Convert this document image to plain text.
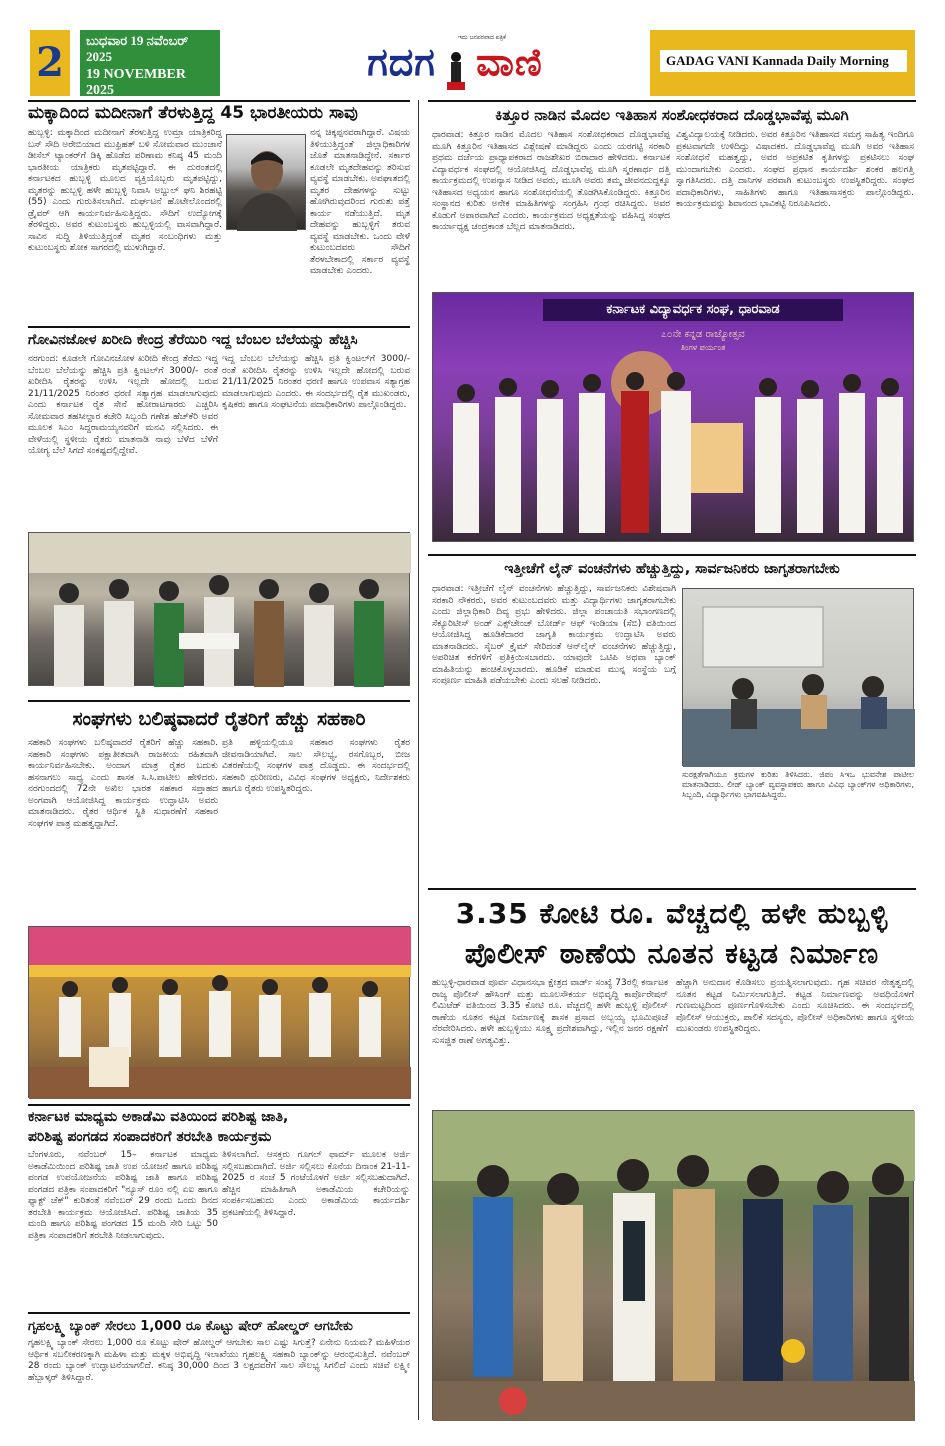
2	ಬುಧವಾರ 19 ನವೆಂಬರ್ 2025
19 NOVEMBER 2025
ಇದು ಜನಪರವಾದ ಪತ್ರಿಕೆ
ಗದಗ ವಾಣಿ	GADAG VANI Kannada Daily Morning
ಮಕ್ಕಾದಿಂದ ಮದೀನಾಗೆ ತೆರಳುತ್ತಿದ್ದ 45 ಭಾರತೀಯರು ಸಾವು
ಹುಬ್ಬಳ್ಳಿ: ಮಕ್ಕಾದಿಂದ ಮದೀನಾಗೆ ತೆರಳುತ್ತಿದ್ದ ಉಮ್ರಾ ಯಾತ್ರಿಕರಿದ್ದ ಬಸ್ ಸೌದಿ ಅರೇಬಿಯಾದ ಮುಫ್ರಿಹತ್ ಬಳಿ ಸೋಮವಾರ ಮುಂಜಾನೆ ಡೀಸೆಲ್ ಟ್ಯಾಂಕರ್‌ಗೆ ಡಿಕ್ಕಿ ಹೊಡೆದ ಪರಿಣಾಮ ಕನಿಷ್ಠ 45 ಮಂದಿ ಭಾರತೀಯ ಯಾತ್ರಿಕರು ಮೃತಪಟ್ಟಿದ್ದಾರೆ. ಈ ದುರಂತದಲ್ಲಿ ಕರ್ನಾಟಕದ ಹುಬ್ಬಳ್ಳಿ ಮೂಲದ ವ್ಯಕ್ತಿಯೊಬ್ಬರು ಮೃತಪಟ್ಟಿದ್ದು, ಮೃತರನ್ನು ಹುಬ್ಬಳ್ಳಿ ಹಳೇ ಹುಬ್ಬಳ್ಳಿ ನಿವಾಸಿ ಅಬ್ದುಲ್ ಘನಿ ಶಿರಹಟ್ಟಿ (55) ಎಂದು ಗುರುತಿಸಲಾಗಿದೆ. ದುರ್ಘಟನೆ ಹೊಟೇಲೊಂದರಲ್ಲಿ ಡ್ರೈವರ್ ಆಗಿ ಕಾರ್ಯನಿರ್ವಹಿಸುತ್ತಿದ್ದರು. ಸೌದಿಗೆ ಉದ್ಯೋಗಕ್ಕೆ ತೆರಳಿದ್ದರು. ಅವರ ಕುಟುಂಬಸ್ಥರು ಹುಬ್ಬಳ್ಳಿಯಲ್ಲಿ ವಾಸವಾಗಿದ್ದಾರೆ. ಸಾವಿನ ಸುದ್ದಿ ತಿಳಿಯುತ್ತಿದ್ದಂತೆ ಮೃತರ ಸಂಬಂಧಿಗಳು ಮತ್ತು ಕುಟುಂಬಸ್ಥರು ಶೋಕ ಸಾಗರದಲ್ಲಿ ಮುಳುಗಿದ್ದಾರೆ.
ನನ್ನ ಚಿಕ್ಕಪ್ಪನವರಾಗಿದ್ದಾರೆ. ವಿಷಯ ತಿಳಿಯುತ್ತಿದ್ದಂತೆ ಜಿಲ್ಲಾಧಿಕಾರಿಗಳ ಜೊತೆ ಮಾತನಾಡಿದ್ದೇನೆ. ಸರ್ಕಾರ ಕೂಡಲೇ ಮೃತದೇಹವನ್ನು ತರಿಸುವ ವ್ಯವಸ್ಥೆ ಮಾಡಬೇಕು. ಅಪಘಾತದಲ್ಲಿ ಮೃತರ ದೇಹಗಳನ್ನು ಸುಟ್ಟು ಹೋಗಿರುವುದರಿಂದ ಗುರುತು ಪತ್ತೆ ಕಾರ್ಯ ನಡೆಯುತ್ತಿದೆ. ಮೃತ ದೇಹವನ್ನು ಹುಬ್ಬಳ್ಳಿಗೆ ತರುವ ವ್ಯವಸ್ಥೆ ಮಾಡಬೇಕು. ಒಂದು ವೇಳೆ ಕುಟುಂಬದವರು ಸೌದಿಗೆ ತೆರಳಬೇಕಾದಲ್ಲಿ ಸರ್ಕಾರ ವ್ಯವಸ್ಥೆ ಮಾಡಬೇಕು ಎಂದರು.
ಗೋವಿನಜೋಳ ಖರೀದಿ ಕೇಂದ್ರ ತೆರೆಯಿರಿ ಇದ್ದ ಬೆಂಬಲ ಬೆಲೆಯನ್ನು ಹೆಚ್ಚಿಸಿ
ನರಗುಂದ: ಕೂಡಲೇ ಗೋವಿನಜೋಳ ಖರೀದಿ ಕೇಂದ್ರ ತೆರೆದು ಇದ್ದ ಬೆಂಬಲ ಬೆಲೆಯನ್ನು ಹೆಚ್ಚಿಸಿ ಪ್ರತಿ ಕ್ವಿಂಟಲ್‌ಗೆ 3000/- ರಂತೆ ಖರೀದಿಸಿ ರೈತರನ್ನು ಉಳಿಸಿ ಇಲ್ಲದೇ ಹೋದಲ್ಲಿ ಬರುವ 21/11/2025 ನಿರಂತರ ಧರಣಿ ಸತ್ಯಾಗ್ರಹ ಮಾಡಲಾಗುವುದು ಎಂದು ಕರ್ನಾಟಕ ರೈತ ಸೇನೆ ಹೋರಾಟಗಾರರು ಎಚ್ಚರಿಸಿ ಸೋಮವಾರ ತಹಸೀಲ್ದಾರ ಕಚೇರಿ ಸಿಬ್ಬಂದಿ ಗಣೇಶ ಹೆಚ್‌ಕೆರಿ ಅವರ ಮೂಲಕ ಸಿಎಂ ಸಿದ್ದರಾಮಯ್ಯನವರಿಗೆ ಮನವಿ ಸಲ್ಲಿಸಿದರು. ಈ ವೇಳೆಯಲ್ಲಿ ಸ್ಥಳೀಯ ರೈತರು ಮಾತನಾಡಿ ನಾವು ಬೆಳೆದ ಬೆಳೆಗೆ ಯೋಗ್ಯ ಬೆಲೆ ಸಿಗದೆ ಸಂಕಷ್ಟದಲ್ಲಿದ್ದೇವೆ.
ಇದ್ದ ಬೆಂಬಲ ಬೆಲೆಯನ್ನು ಹೆಚ್ಚಿಸಿ ಪ್ರತಿ ಕ್ವಿಂಟಲ್‌ಗೆ 3000/- ರಂತೆ ಖರೀದಿಸಿ ರೈತರನ್ನು ಉಳಿಸಿ ಇಲ್ಲದೇ ಹೋದಲ್ಲಿ ಬರುವ 21/11/2025 ನಿರಂತರ ಧರಣಿ ಹಾಗೂ ಉಪವಾಸ ಸತ್ಯಾಗ್ರಹ ಮಾಡಲಾಗುವುದು ಎಂದರು. ಈ ಸಂದರ್ಭದಲ್ಲಿ ರೈತ ಮುಖಂಡರು, ಕೃಷಿಕರು ಹಾಗೂ ಸಂಘಟನೆಯ ಪದಾಧಿಕಾರಿಗಳು ಪಾಲ್ಗೊಂಡಿದ್ದರು.
ಸಂಘಗಳು ಬಲಿಷ್ಠವಾದರೆ ರೈತರಿಗೆ ಹೆಚ್ಚು ಸಹಕಾರಿ
ಸಹಕಾರಿ ಸಂಘಗಳು ಬಲಿಷ್ಠವಾದರೆ ರೈತರಿಗೆ ಹೆಚ್ಚು ಸಹಕಾರಿ. ಸಹಕಾರಿ ಸಂಘಗಳು ಪಕ್ಷಾತೀತವಾಗಿ ರಾಜಕೀಯ ರಹಿತವಾಗಿ ಕಾರ್ಯನಿರ್ವಹಿಸಬೇಕು. ಅಂದಾಗ ಮಾತ್ರ ರೈತರ ಬದುಕು ಹಸನಾಗಲು ಸಾಧ್ಯ ಎಂದು ಶಾಸಕ ಸಿ.ಸಿ.ಪಾಟೀಲ ಹೇಳಿದರು. ನರಗುಂದದಲ್ಲಿ 72ನೇ ಅಖಿಲ ಭಾರತ ಸಹಕಾರ ಸಪ್ತಾಹದ ಅಂಗವಾಗಿ ಆಯೋಜಿಸಿದ್ದ ಕಾರ್ಯಕ್ರಮ ಉದ್ಘಾಟಿಸಿ ಅವರು ಮಾತನಾಡಿದರು. ರೈತರ ಆರ್ಥಿಕ ಸ್ಥಿತಿ ಸುಧಾರಣೆಗೆ ಸಹಕಾರ ಸಂಘಗಳ ಪಾತ್ರ ಮಹತ್ವದ್ದಾಗಿದೆ.
ಪ್ರತಿ ಹಳ್ಳಿಯಲ್ಲಿಯೂ ಸಹಕಾರ ಸಂಘಗಳು ರೈತರ ಜೀವನಾಡಿಯಾಗಿವೆ. ಸಾಲ ಸೌಲಭ್ಯ, ರಸಗೊಬ್ಬರ, ಬೀಜ ವಿತರಣೆಯಲ್ಲಿ ಸಂಘಗಳ ಪಾತ್ರ ದೊಡ್ಡದು. ಈ ಸಂದರ್ಭದಲ್ಲಿ ಸಹಕಾರಿ ಧುರೀಣರು, ವಿವಿಧ ಸಂಘಗಳ ಅಧ್ಯಕ್ಷರು, ನಿರ್ದೇಶಕರು ಹಾಗೂ ರೈತರು ಉಪಸ್ಥಿತರಿದ್ದರು.
ಕರ್ನಾಟಕ ಮಾಧ್ಯಮ ಅಕಾಡೆಮಿ ವತಿಯಿಂದ ಪರಿಶಿಷ್ಟ ಜಾತಿ,
ಪರಿಶಿಷ್ಟ ಪಂಗಡದ ಸಂಪಾದಕರಿಗೆ ತರಬೇತಿ ಕಾರ್ಯಕ್ರಮ
ಬೆಂಗಳೂರು, ನವೆಂಬರ್ 15– ಕರ್ನಾಟಕ ಮಾಧ್ಯಮ ಅಕಾಡೆಮಿಯಿಂದ ಪರಿಶಿಷ್ಟ ಜಾತಿ ಉಪ ಯೋಜನೆ ಹಾಗೂ ಪರಿಶಿಷ್ಟ ಪಂಗಡ ಉಪಯೋಜನೆಯ ಪರಿಶಿಷ್ಟ ಜಾತಿ ಹಾಗೂ ಪರಿಶಿಷ್ಟ ಪಂಗಡದ ಪತ್ರಿಕಾ ಸಂಪಾದಕರಿಗೆ "ನ್ಯೂಸ್ ರೂಂ ನಲ್ಲಿ ಏಐ ಹಾಗೂ ಫ್ಯಾಕ್ಟ್ ಚೆಕ್" ಕುರಿತಂತೆ ನವೆಂಬರ್ 29 ರಂದು ಒಂದು ದಿನದ ತರಬೇತಿ ಕಾರ್ಯಕ್ರಮ ಆಯೋಜಿಸಿದೆ. ಪರಿಶಿಷ್ಟ ಜಾತಿಯ 35 ಮಂದಿ ಹಾಗೂ ಪರಿಶಿಷ್ಟ ಪಂಗಡದ 15 ಮಂದಿ ಸೇರಿ ಒಟ್ಟು 50 ಪತ್ರಿಕಾ ಸಂಪಾದಕರಿಗೆ ತರಬೇತಿ ನೀಡಲಾಗುವುದು.
ತಿಳಿಸಲಾಗಿದೆ. ಆಸಕ್ತರು ಗೂಗಲ್ ಫಾರ್ಮ್ ಮೂಲಕ ಅರ್ಜಿ ಸಲ್ಲಿಸಬಹುದಾಗಿದೆ. ಅರ್ಜಿ ಸಲ್ಲಿಸಲು ಕೊನೆಯ ದಿನಾಂಕ 21-11-2025 ರ ಸಂಜೆ 5 ಗಂಟೆಯೊಳಗೆ ಅರ್ಜಿ ಸಲ್ಲಿಸಬಹುದಾಗಿದೆ. ಹೆಚ್ಚಿನ ಮಾಹಿತಿಗಾಗಿ ಅಕಾಡೆಮಿಯ ಕಚೇರಿಯನ್ನು ಸಂಪರ್ಕಿಸಬಹುದು ಎಂದು ಅಕಾಡೆಮಿಯ ಕಾರ್ಯದರ್ಶಿ ಪ್ರಕಟಣೆಯಲ್ಲಿ ತಿಳಿಸಿದ್ದಾರೆ.
ಗೃಹಲಕ್ಷ್ಮಿ ಬ್ಯಾಂಕ್ ಸೇರಲು 1,000 ರೂ ಕೊಟ್ಟು ಷೇರ್ ಹೋಲ್ಡರ್ ಆಗಬೇಕು
ಗೃಹಲಕ್ಷ್ಮಿ ಬ್ಯಾಂಕ್ ಸೇರಲು 1,000 ರೂ ಕೊಟ್ಟು ಷೇರ್ ಹೋಲ್ಡರ್ ಆಗಬೇಕು ಸಾಲ ಎಷ್ಟು ಸಿಗುತ್ತೆ? ಏನೇನು ನಿಯಮ? ಮಹಿಳೆಯರ ಆರ್ಥಿಕ ಸಬಲೀಕರಣಕ್ಕಾಗಿ ಮಹಿಳಾ ಮತ್ತು ಮಕ್ಕಳ ಅಭಿವೃದ್ಧಿ ಇಲಾಖೆಯು ಗೃಹಲಕ್ಷ್ಮಿ ಸಹಕಾರಿ ಬ್ಯಾಂಕ್‌ನ್ನು ಆರಂಭಿಸುತ್ತಿದೆ. ನವೆಂಬರ್ 28 ರಂದು ಬ್ಯಾಂಕ್ ಉದ್ಘಾಟನೆಯಾಗಲಿದೆ. ಕನಿಷ್ಠ 30,000 ದಿಂದ 3 ಲಕ್ಷದವರೆಗೆ ಸಾಲ ಸೌಲಭ್ಯ ಸಿಗಲಿದೆ ಎಂದು ಸಚಿವೆ ಲಕ್ಷ್ಮೀ ಹೆಬ್ಬಾಳ್ಕರ್ ತಿಳಿಸಿದ್ದಾರೆ.
ಕಿತ್ತೂರ ನಾಡಿನ ಮೊದಲ ಇತಿಹಾಸ ಸಂಶೋಧಕರಾದ ದೊಡ್ಡಭಾವೆಪ್ಪ ಮೂಗಿ
ಧಾರವಾಡ: ಕಿತ್ತೂರ ನಾಡಿನ ಮೊದಲ ಇತಿಹಾಸ ಸಂಶೋಧಕರಾದ ದೊಡ್ಡಭಾವೆಪ್ಪ ಮೂಗಿ ಕಿತ್ತೂರಿನ ಇತಿಹಾಸದ ವಿಶ್ಲೇಷಣೆ ಮಾಡಿದ್ದರು ಎಂದು ಯರಗಟ್ಟಿ ಸರಕಾರಿ ಪ್ರಥಮ ದರ್ಜೆಯ ಪ್ರಾಧ್ಯಾಪಕರಾದ ರಾಜಶೇಖರ ಬಿರಾದಾರ ಹೇಳಿದರು. ಕರ್ನಾಟಕ ವಿದ್ಯಾವರ್ಧಕ ಸಂಘದಲ್ಲಿ ಆಯೋಜಿಸಿದ್ದ ದೊಡ್ಡಭಾವೆಪ್ಪ ಮೂಗಿ ಸ್ಮರಣಾರ್ಥ ದತ್ತಿ ಕಾರ್ಯಕ್ರಮದಲ್ಲಿ ಉಪನ್ಯಾಸ ನೀಡಿದ ಅವರು, ಮೂಗಿ ಅವರು ತಮ್ಮ ಜೀವನದುದ್ದಕ್ಕೂ ಇತಿಹಾಸದ ಅಧ್ಯಯನ ಹಾಗೂ ಸಂಶೋಧನೆಯಲ್ಲಿ ತೊಡಗಿಸಿಕೊಂಡಿದ್ದರು. ಕಿತ್ತೂರಿನ ಸಂಸ್ಥಾನದ ಕುರಿತು ಅನೇಕ ಮಾಹಿತಿಗಳನ್ನು ಸಂಗ್ರಹಿಸಿ ಗ್ರಂಥ ರಚಿಸಿದ್ದರು. ಅವರ ಕೊಡುಗೆ ಅಪಾರವಾಗಿದೆ ಎಂದರು. ಕಾರ್ಯಕ್ರಮದ ಅಧ್ಯಕ್ಷತೆಯನ್ನು ವಹಿಸಿದ್ದ ಸಂಘದ ಕಾರ್ಯಾಧ್ಯಕ್ಷ ಚಂದ್ರಕಾಂತ ಬೆಲ್ಲದ ಮಾತನಾಡಿದರು.
ವಿಶ್ವವಿದ್ಯಾಲಯಕ್ಕೆ ನೀಡಿದರು. ಅವರ ಕಿತ್ತೂರಿನ ಇತಿಹಾಸದ ಸಮಗ್ರ ಸಾಹಿತ್ಯ ಇಂದಿಗೂ ಪ್ರಕಟವಾಗದೇ ಉಳಿದಿದ್ದು ವಿಷಾದಕರ. ದೊಡ್ಡಭಾವೆಪ್ಪ ಮೂಗಿ ಅವರ ಇತಿಹಾಸ ಸಂಶೋಧನೆ ಮಹತ್ವದ್ದು, ಅವರ ಅಪ್ರಕಟಿತ ಕೃತಿಗಳನ್ನು ಪ್ರಕಟಿಸಲು ಸಂಘ ಮುಂದಾಗಬೇಕು ಎಂದರು. ಸಂಘದ ಪ್ರಧಾನ ಕಾರ್ಯದರ್ಶಿ ಶಂಕರ ಹಲಗತ್ತಿ ಸ್ವಾಗತಿಸಿದರು. ದತ್ತಿ ದಾನಿಗಳ ಪರವಾಗಿ ಕುಟುಂಬಸ್ಥರು ಉಪಸ್ಥಿತರಿದ್ದರು. ಸಂಘದ ಪದಾಧಿಕಾರಿಗಳು, ಸಾಹಿತಿಗಳು ಹಾಗೂ ಇತಿಹಾಸಾಸಕ್ತರು ಪಾಲ್ಗೊಂಡಿದ್ದರು. ಕಾರ್ಯಕ್ರಮವನ್ನು ಶಿವಾನಂದ ಭಾವಿಕಟ್ಟಿ ನಿರೂಪಿಸಿದರು.
ಕರ್ನಾಟಕ ವಿದ್ಯಾವರ್ಧಕ ಸಂಘ, ಧಾರವಾಡ
೭೦ನೇ ಕನ್ನಡ ರಾಜ್ಯೋತ್ಸವ
ತಿಂಗಳ ಪರ್ಯಂತ
ಇತ್ತೀಚೆಗೆ ಲೈನ್ ವಂಚನೆಗಳು ಹೆಚ್ಚುತ್ತಿದ್ದು, ಸಾರ್ವಜನಿಕರು ಜಾಗೃತರಾಗಬೇಕು
ಧಾರವಾಡ: ಇತ್ತೀಚೆಗೆ ಲೈನ್ ವಂಚನೆಗಳು ಹೆಚ್ಚುತ್ತಿದ್ದು, ಸಾರ್ವಜನಿಕರು ವಿಶೇಷವಾಗಿ ಸರಕಾರಿ ನೌಕರರು, ಅವರ ಕುಟುಂಬದವರು ಮತ್ತು ವಿದ್ಯಾರ್ಥಿಗಳು ಜಾಗೃತರಾಗಬೇಕು ಎಂದು ಜಿಲ್ಲಾಧಿಕಾರಿ ದಿವ್ಯ ಪ್ರಭು ಹೇಳಿದರು. ಜಿಲ್ಲಾ ಪಂಚಾಯತಿ ಸಭಾಂಗಣದಲ್ಲಿ ಸೆಕ್ಯೂರಿಟೀಸ್ ಅಂಡ್ ಎಕ್ಸ್‌ಚೇಂಜ್ ಬೋರ್ಡ್ ಆಫ್ ಇಂಡಿಯಾ (ಸೆಬಿ) ವತಿಯಿಂದ ಆಯೋಜಿಸಿದ್ದ ಹೂಡಿಕೆದಾರರ ಜಾಗೃತಿ ಕಾರ್ಯಕ್ರಮ ಉದ್ಘಾಟಿಸಿ ಅವರು ಮಾತನಾಡಿದರು. ಸೈಬರ್ ಕ್ರೈಮ್ ಸೇರಿದಂತೆ ಆನ್‌ಲೈನ್ ವಂಚನೆಗಳು ಹೆಚ್ಚುತ್ತಿದ್ದು, ಅಪರಿಚಿತ ಕರೆಗಳಿಗೆ ಪ್ರತಿಕ್ರಿಯಿಸಬಾರದು. ಯಾವುದೇ ಒಟಿಪಿ ಅಥವಾ ಬ್ಯಾಂಕ್ ಮಾಹಿತಿಯನ್ನು ಹಂಚಿಕೊಳ್ಳಬಾರದು. ಹೂಡಿಕೆ ಮಾಡುವ ಮುನ್ನ ಸಂಸ್ಥೆಯ ಬಗ್ಗೆ ಸಂಪೂರ್ಣ ಮಾಹಿತಿ ಪಡೆಯಬೇಕು ಎಂದು ಸಲಹೆ ನೀಡಿದರು.
ಸುರಕ್ಷತೆಗಾಗಿಯೂ ಕ್ರಮಗಳ ಕುರಿತು ತಿಳಿಸಿದರು. ಜಿಪಂ ಸಿಇಒ ಭುವನೇಶ ಪಾಟೀಲ ಮಾತನಾಡಿದರು. ಲೀಡ್ ಬ್ಯಾಂಕ್ ವ್ಯವಸ್ಥಾಪಕರು ಹಾಗೂ ವಿವಿಧ ಬ್ಯಾಂಕ್‌ಗಳ ಅಧಿಕಾರಿಗಳು, ಸಿಬ್ಬಂದಿ, ವಿದ್ಯಾರ್ಥಿಗಳು ಭಾಗವಹಿಸಿದ್ದರು.
3.35 ಕೋಟಿ ರೂ. ವೆಚ್ಚದಲ್ಲಿ ಹಳೇ ಹುಬ್ಬಳ್ಳಿ
ಪೊಲೀಸ್ ಠಾಣೆಯ ನೂತನ ಕಟ್ಟಡ ನಿರ್ಮಾಣ
ಹುಬ್ಬಳ್ಳಿ-ಧಾರವಾಡ ಪೂರ್ವ ವಿಧಾನಸಭಾ ಕ್ಷೇತ್ರದ ವಾರ್ಡ್ ಸಂಖ್ಯೆ 73ರಲ್ಲಿ ಕರ್ನಾಟಕ ರಾಜ್ಯ ಪೊಲೀಸ್ ಹೌಸಿಂಗ್ ಮತ್ತು ಮೂಲಸೌಕರ್ಯ ಅಭಿವೃದ್ಧಿ ಕಾರ್ಪೊರೇಷನ್ ಲಿಮಿಟೆಡ್ ವತಿಯಿಂದ 3.35 ಕೋಟಿ ರೂ. ವೆಚ್ಚದಲ್ಲಿ ಹಳೇ ಹುಬ್ಬಳ್ಳಿ ಪೊಲೀಸ್ ಠಾಣೆಯ ನೂತನ ಕಟ್ಟಡ ನಿರ್ಮಾಣಕ್ಕೆ ಶಾಸಕ ಪ್ರಸಾದ ಅಬ್ಬಯ್ಯ ಭೂಮಿಪೂಜೆ ನೆರವೇರಿಸಿದರು. ಹಳೇ ಹುಬ್ಬಳ್ಳಿಯು ಸೂಕ್ಷ್ಮ ಪ್ರದೇಶವಾಗಿದ್ದು, ಇಲ್ಲಿನ ಜನರ ರಕ್ಷಣೆಗೆ ಸುಸಜ್ಜಿತ ಠಾಣೆ ಅಗತ್ಯವಿತ್ತು.
ಹೆಚ್ಚಾಗಿ ಅನುದಾನ ಕೊಡಿಸಲು ಪ್ರಯತ್ನಿಸಲಾಗುವುದು. ಗೃಹ ಸಚಿವರ ನೇತೃತ್ವದಲ್ಲಿ ನೂತನ ಕಟ್ಟಡ ನಿರ್ಮಿಸಲಾಗುತ್ತಿದೆ. ಕಟ್ಟಡ ನಿರ್ಮಾಣವನ್ನು ಅವಧಿಯೊಳಗೆ ಗುಣಮಟ್ಟದಿಂದ ಪೂರ್ಣಗೊಳಿಸಬೇಕು ಎಂದು ಸೂಚಿಸಿದರು. ಈ ಸಂದರ್ಭದಲ್ಲಿ ಪೊಲೀಸ್ ಆಯುಕ್ತರು, ಪಾಲಿಕೆ ಸದಸ್ಯರು, ಪೊಲೀಸ್ ಅಧಿಕಾರಿಗಳು ಹಾಗೂ ಸ್ಥಳೀಯ ಮುಖಂಡರು ಉಪಸ್ಥಿತರಿದ್ದರು.
